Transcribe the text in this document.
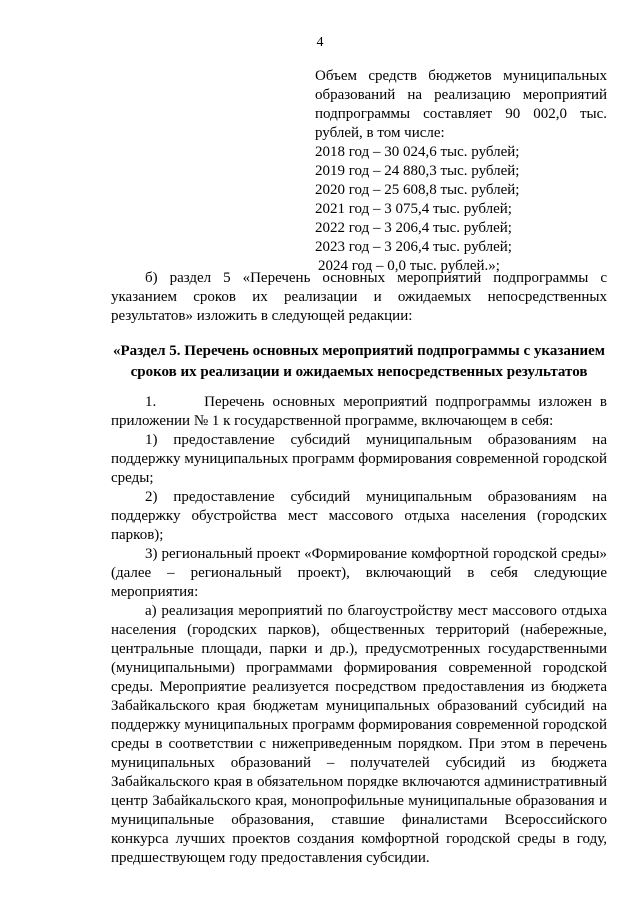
4
Объем средств бюджетов муниципальных образований на реализацию мероприятий подпрограммы составляет 90 002,0 тыс. рублей, в том числе:
2018 год – 30 024,6 тыс. рублей;
2019 год – 24 880,3 тыс. рублей;
2020 год – 25 608,8 тыс. рублей;
2021 год – 3 075,4 тыс. рублей;
2022 год – 3 206,4 тыс. рублей;
2023 год – 3 206,4 тыс. рублей;
2024 год – 0,0 тыс. рублей.»;
б) раздел 5 «Перечень основных мероприятий подпрограммы с указанием сроков их реализации и ожидаемых непосредственных результатов» изложить в следующей редакции:
«Раздел 5. Перечень основных мероприятий подпрограммы с указанием сроков их реализации и ожидаемых непосредственных результатов
1.      Перечень основных мероприятий подпрограммы изложен в приложении № 1 к государственной программе, включающем в себя:
1) предоставление субсидий муниципальным образованиям на поддержку муниципальных программ формирования современной городской среды;
2) предоставление субсидий муниципальным образованиям на поддержку обустройства мест массового отдыха населения (городских парков);
3) региональный проект «Формирование комфортной городской среды» (далее – региональный проект), включающий в себя следующие мероприятия:
а) реализация мероприятий по благоустройству мест массового отдыха населения (городских парков), общественных территорий (набережные, центральные площади, парки и др.), предусмотренных государственными (муниципальными) программами формирования современной городской среды. Мероприятие реализуется посредством предоставления из бюджета Забайкальского края бюджетам муниципальных образований субсидий на поддержку муниципальных программ формирования современной городской среды в соответствии с нижеприведенным порядком. При этом в перечень муниципальных образований – получателей субсидий из бюджета Забайкальского края в обязательном порядке включаются административный центр Забайкальского края, монопрофильные муниципальные образования и муниципальные образования, ставшие финалистами Всероссийского конкурса лучших проектов создания комфортной городской среды в году, предшествующем году предоставления субсидии.
